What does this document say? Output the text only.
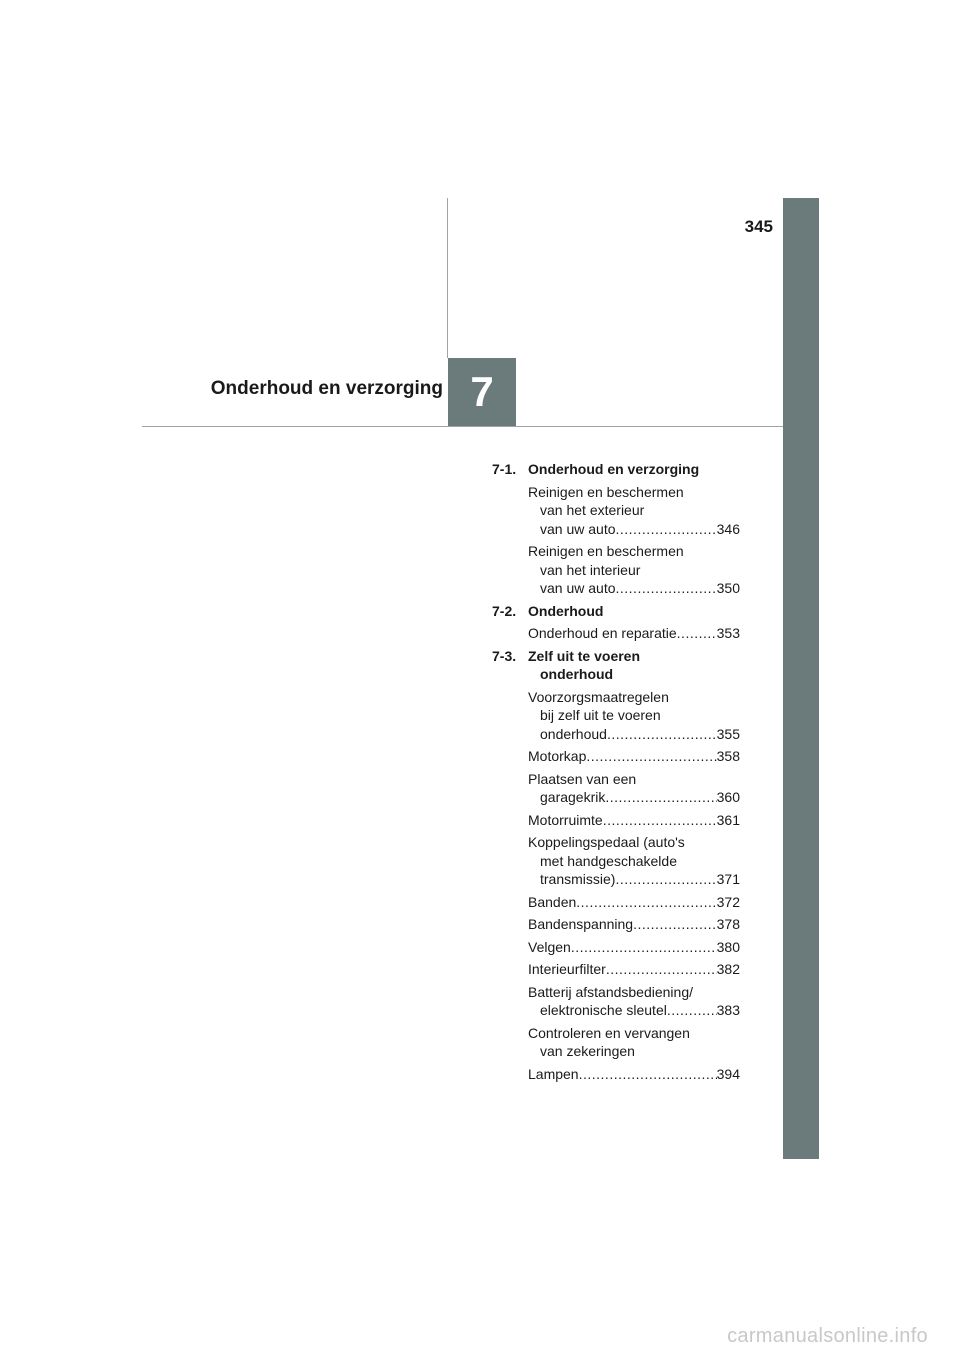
345
Onderhoud en verzorging 7
7-1. Onderhoud en verzorging
Reinigen en beschermen
van het exterieur
van uw auto .....	346
Reinigen en beschermen
van het interieur
van uw auto .....	350
7-2. Onderhoud
Onderhoud en reparatie .....	353
7-3. Zelf uit te voeren
onderhoud
Voorzorgsmaatregelen
bij zelf uit te voeren
onderhoud .....	355
Motorkap .....	358
Plaatsen van een
garagekrik .....	360
Motorruimte .....	361
Koppelingspedaal (auto's
met handgeschakelde
transmissie) .....	371
Banden .....	372
Bandenspanning .....	378
Velgen .....	380
Interieurfilter .....	382
Batterij afstandsbediening/
elektronische sleutel .....	383
Controleren en vervangen
van zekeringen
Lampen .....	394
carmanualsonline.info
